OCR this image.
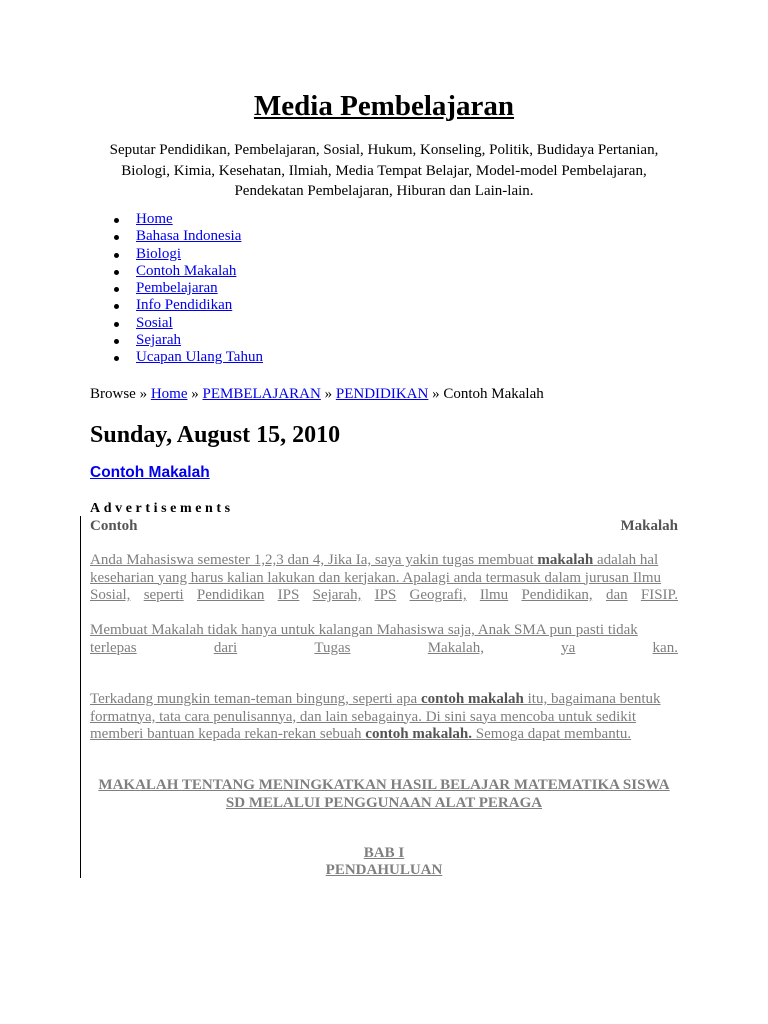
Media Pembelajaran
Seputar Pendidikan, Pembelajaran, Sosial, Hukum, Konseling, Politik, Budidaya Pertanian, Biologi, Kimia, Kesehatan, Ilmiah, Media Tempat Belajar, Model-model Pembelajaran, Pendekatan Pembelajaran, Hiburan dan Lain-lain.
Home
Bahasa Indonesia
Biologi
Contoh Makalah
Pembelajaran
Info Pendidikan
Sosial
Sejarah
Ucapan Ulang Tahun
Browse » Home » PEMBELAJARAN » PENDIDIKAN » Contoh Makalah
Sunday, August 15, 2010
Contoh Makalah
Advertisements
Contoh	Makalah
Anda Mahasiswa semester 1,2,3 dan 4, Jika Ia, saya yakin tugas membuat makalah adalah hal
keseharian yang harus kalian lakukan dan kerjakan. Apalagi anda termasuk dalam jurusan Ilmu
Sosial, seperti Pendidikan IPS Sejarah, IPS Geografi, Ilmu Pendidikan, dan FISIP.
Membuat Makalah tidak hanya untuk kalangan Mahasiswa saja, Anak SMA pun pasti tidak
terlepas	dari	Tugas	Makalah,	ya	kan.
Terkadang mungkin teman-teman bingung, seperti apa contoh makalah itu, bagaimana bentuk
formatnya, tata cara penulisannya, dan lain sebagainya. Di sini saya mencoba untuk sedikit
memberi bantuan kepada rekan-rekan sebuah contoh makalah. Semoga dapat membantu.
MAKALAH TENTANG MENINGKATKAN HASIL BELAJAR MATEMATIKA SISWA
SD MELALUI PENGGUNAAN ALAT PERAGA
BAB I
PENDAHULUAN
